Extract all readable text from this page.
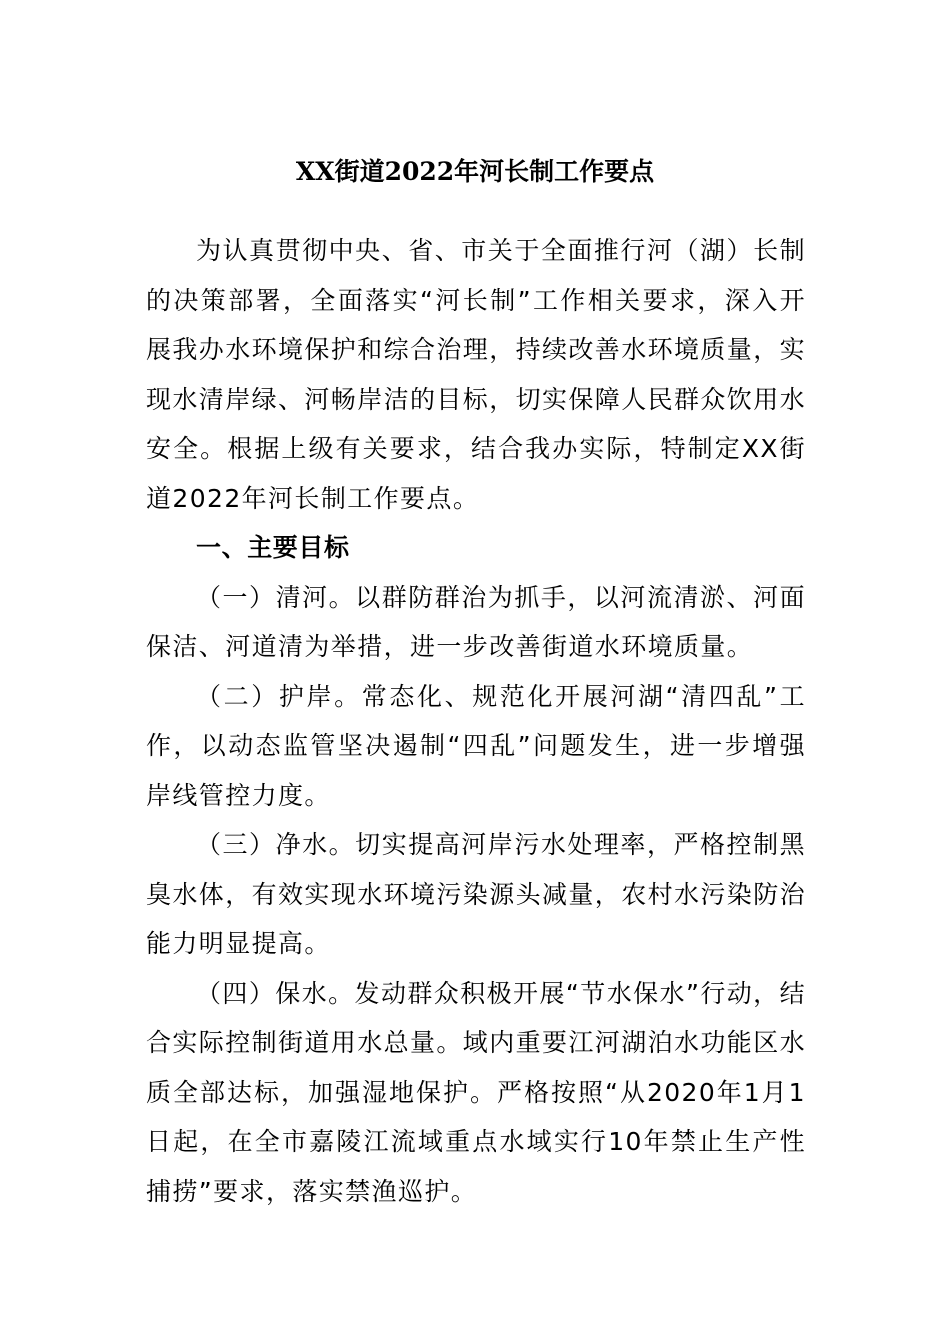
XX街道2022年河长制工作要点

为认真贯彻中央、省、市关于全面推行河（湖）长制的决策部署，全面落实“河长制”工作相关要求，深入开展我办水环境保护和综合治理，持续改善水环境质量，实现水清岸绿、河畅岸洁的目标，切实保障人民群众饮用水安全。根据上级有关要求，结合我办实际，特制定XX街道2022年河长制工作要点。

一、主要目标

（一）清河。以群防群治为抓手，以河流清淤、河面保洁、河道清为举措，进一步改善街道水环境质量。

（二）护岸。常态化、规范化开展河湖“清四乱”工作，以动态监管坚决遏制“四乱”问题发生，进一步增强岸线管控力度。

（三）净水。切实提高河岸污水处理率，严格控制黑臭水体，有效实现水环境污染源头减量，农村水污染防治能力明显提高。

（四）保水。发动群众积极开展“节水保水”行动，结合实际控制街道用水总量。域内重要江河湖泊水功能区水质全部达标，加强湿地保护。严格按照“从2020年1月1日起，在全市嘉陵江流域重点水域实行10年禁止生产性捕捞”要求，落实禁渔巡护。
